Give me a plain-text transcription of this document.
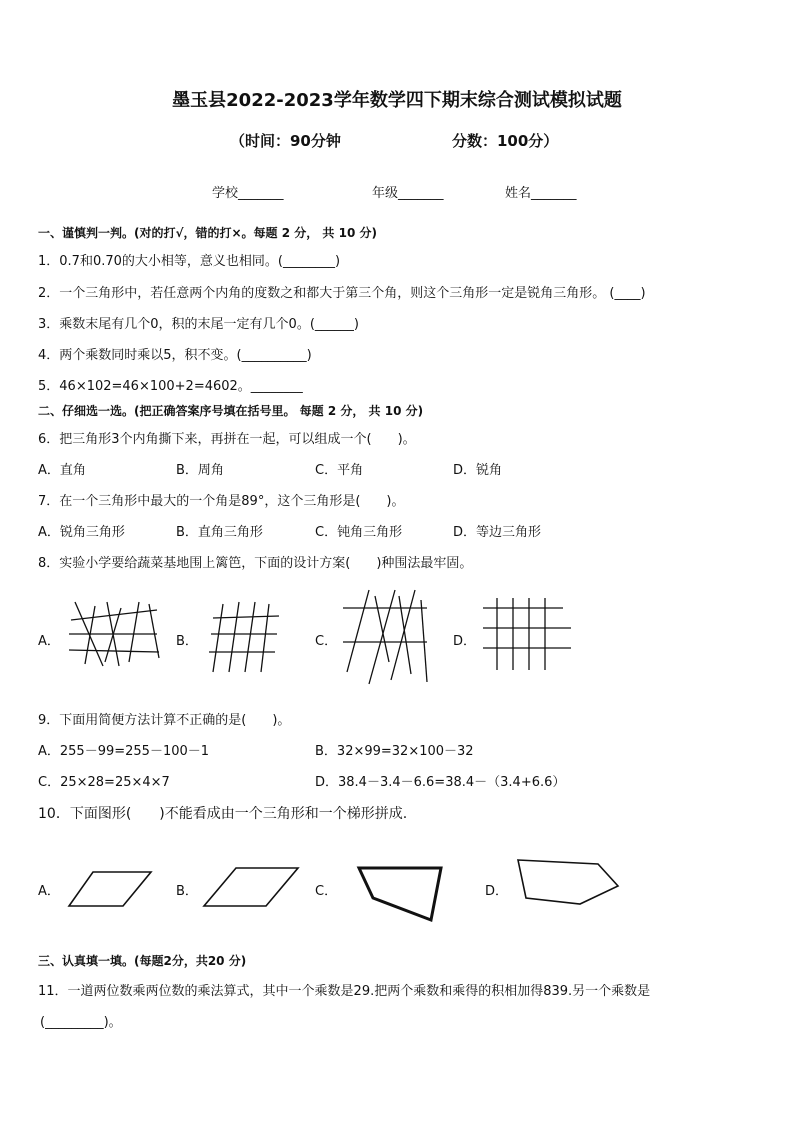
墨玉县2022-2023学年数学四下期末综合测试模拟试题
（时间：90分钟	分数：100分）
学校_______	年级_______	姓名_______
一、谨慎判一判。(对的打√，错的打×。每题 2 分， 共 10 分)
1．0.7和0.70的大小相等，意义也相同。(________)
2．一个三角形中，若任意两个内角的度数之和都大于第三个角，则这个三角形一定是锐角三角形。 (____)
3．乘数末尾有几个0，积的末尾一定有几个0。(______)
4．两个乘数同时乘以5，积不变。(__________)
5．46×102=46×100+2=4602。________
二、仔细选一选。(把正确答案序号填在括号里。 每题 2 分， 共 10 分)
6．把三角形3个内角撕下来，再拼在一起，可以组成一个(　　)。
A．直角	B．周角	C．平角	D．锐角
7．在一个三角形中最大的一个角是89°，这个三角形是(　　)。
A．锐角三角形	B．直角三角形	C．钝角三角形	D．等边三角形
8．实验小学要给蔬菜基地围上篱笆，下面的设计方案(　　)种围法最牢固。
A．	B．	C．	D．
9．下面用简便方法计算不正确的是(　　)。
A．255－99=255－100－1	B．32×99=32×100－32
C．25×28=25×4×7	D．38.4－3.4－6.6=38.4－（3.4+6.6）
10．下面图形(　　)不能看成由一个三角形和一个梯形拼成.
A．	B．	C．	D．
三、认真填一填。(每题2分，共20 分)
11．一道两位数乘两位数的乘法算式，其中一个乘数是29.把两个乘数和乘得的积相加得839.另一个乘数是
(_________)。
